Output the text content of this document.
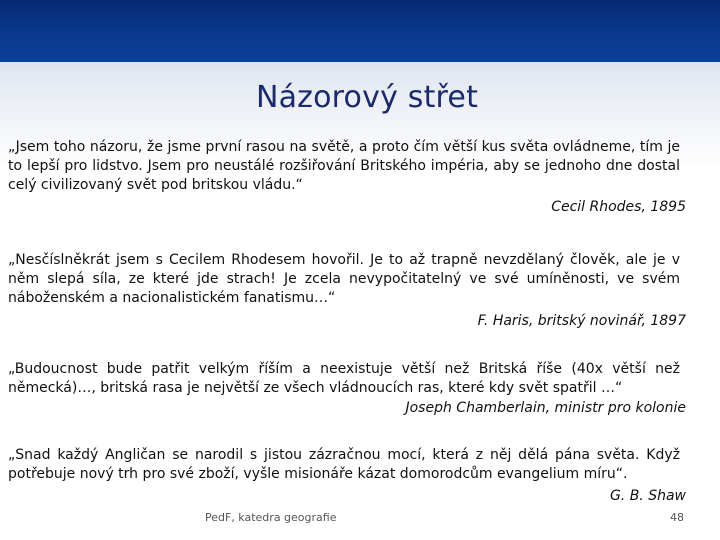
Názorový střet
„Jsem toho názoru, že jsme první rasou na světě, a proto čím větší kus světa ovládneme, tím je to lepší pro lidstvo. Jsem pro neustálé rozšiřování Britského impéria, aby se jednoho dne dostal celý civilizovaný svět pod britskou vládu.“
Cecil Rhodes, 1895
„Nesčíslněkrát jsem s Cecilem Rhodesem hovořil. Je to až trapně nevzdělaný člověk, ale je v něm slepá síla, ze které jde strach! Je zcela nevypočitatelný ve své umíněnosti, ve svém náboženském a nacionalistickém fanatismu…“
F. Haris, britský novinář, 1897
„Budoucnost bude patřit velkým říším a neexistuje větší než Britská říše (40x větší než německá)…, britská rasa je největší ze všech vládnoucích ras, které kdy svět spatřil …“
Joseph Chamberlain, ministr pro kolonie
„Snad každý Angličan se narodil s jistou zázračnou mocí, která z něj dělá pána světa. Když potřebuje nový trh pro své zboží, vyšle misionáře kázat domorodcům evangelium míru“.
G. B. Shaw
PedF, katedra geografie	48
